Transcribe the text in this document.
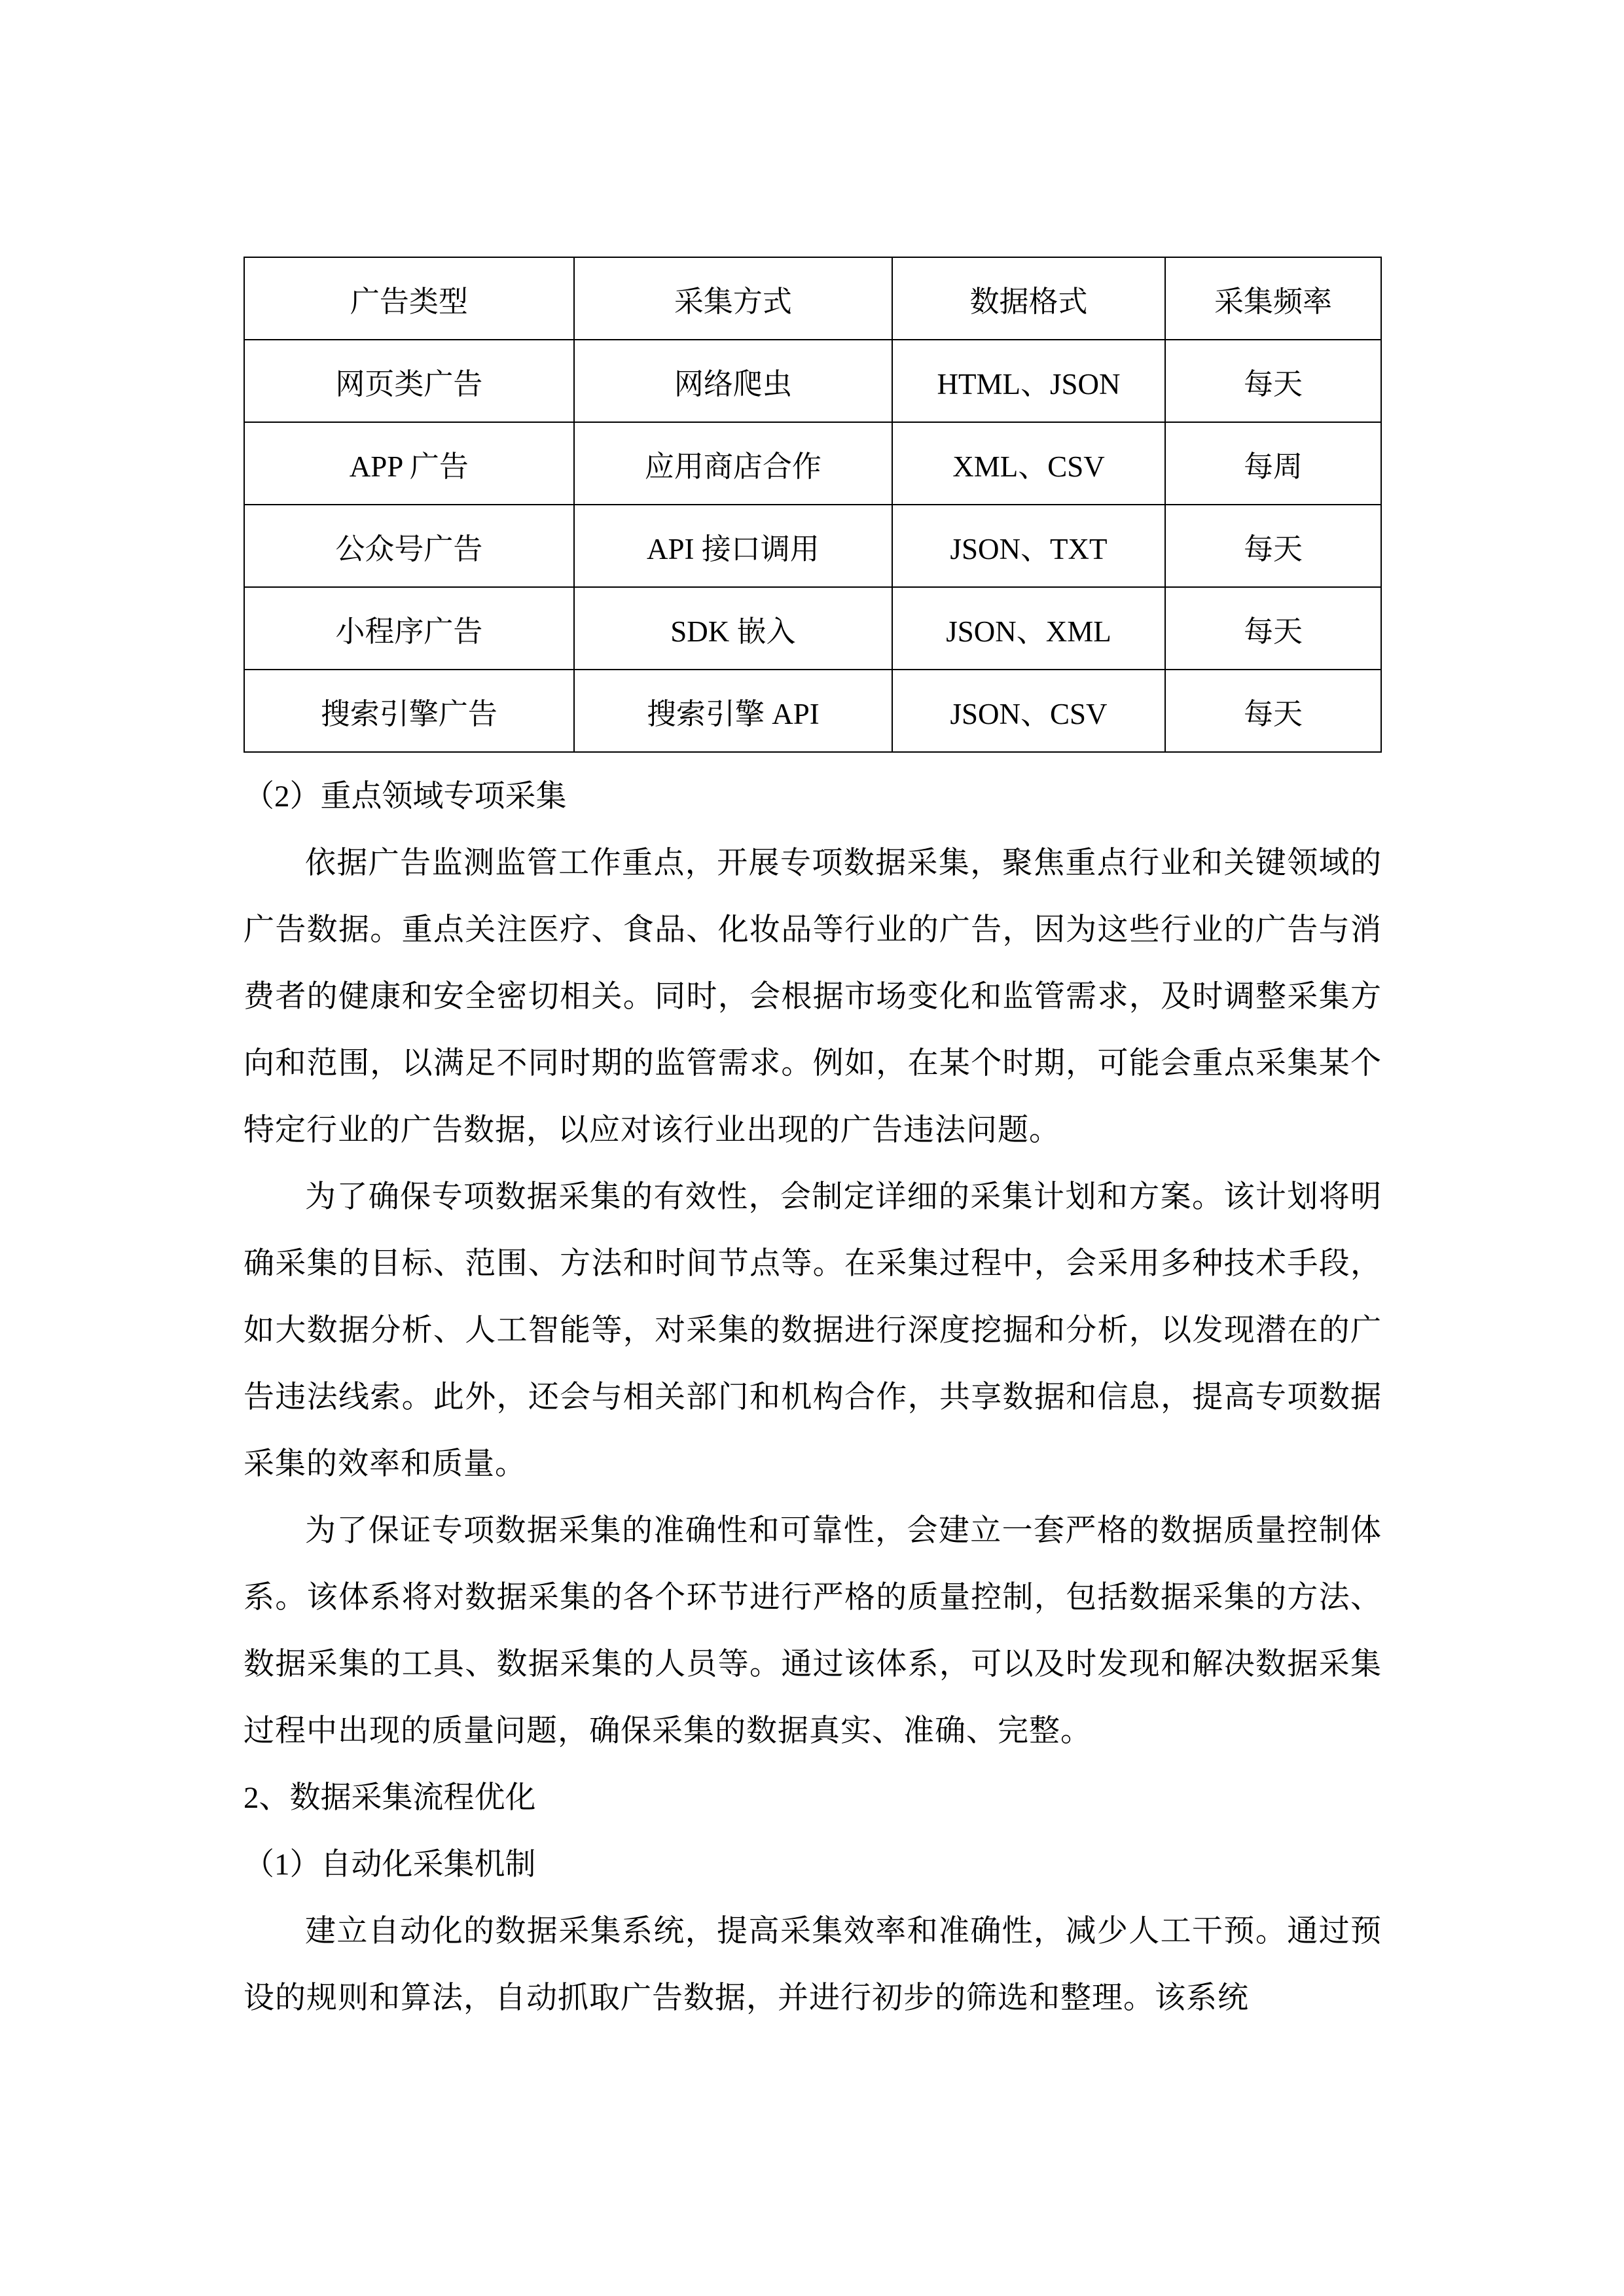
广告类型	采集方式	数据格式	采集频率
网页类广告	网络爬虫	HTML、JSON	每天
APP 广告	应用商店合作	XML、CSV	每周
公众号广告	API 接口调用	JSON、TXT	每天
小程序广告	SDK 嵌入	JSON、XML	每天
搜索引擎广告	搜索引擎 API	JSON、CSV	每天

（2）重点领域专项采集

依据广告监测监管工作重点，开展专项数据采集，聚焦重点行业和关键领域的广告数据。重点关注医疗、食品、化妆品等行业的广告，因为这些行业的广告与消费者的健康和安全密切相关。同时，会根据市场变化和监管需求，及时调整采集方向和范围，以满足不同时期的监管需求。例如，在某个时期，可能会重点采集某个特定行业的广告数据，以应对该行业出现的广告违法问题。

为了确保专项数据采集的有效性，会制定详细的采集计划和方案。该计划将明确采集的目标、范围、方法和时间节点等。在采集过程中，会采用多种技术手段，如大数据分析、人工智能等，对采集的数据进行深度挖掘和分析，以发现潜在的广告违法线索。此外，还会与相关部门和机构合作，共享数据和信息，提高专项数据采集的效率和质量。

为了保证专项数据采集的准确性和可靠性，会建立一套严格的数据质量控制体系。该体系将对数据采集的各个环节进行严格的质量控制，包括数据采集的方法、数据采集的工具、数据采集的人员等。通过该体系，可以及时发现和解决数据采集过程中出现的质量问题，确保采集的数据真实、准确、完整。

2、数据采集流程优化

（1）自动化采集机制

建立自动化的数据采集系统，提高采集效率和准确性，减少人工干预。通过预设的规则和算法，自动抓取广告数据，并进行初步的筛选和整理。该系统
